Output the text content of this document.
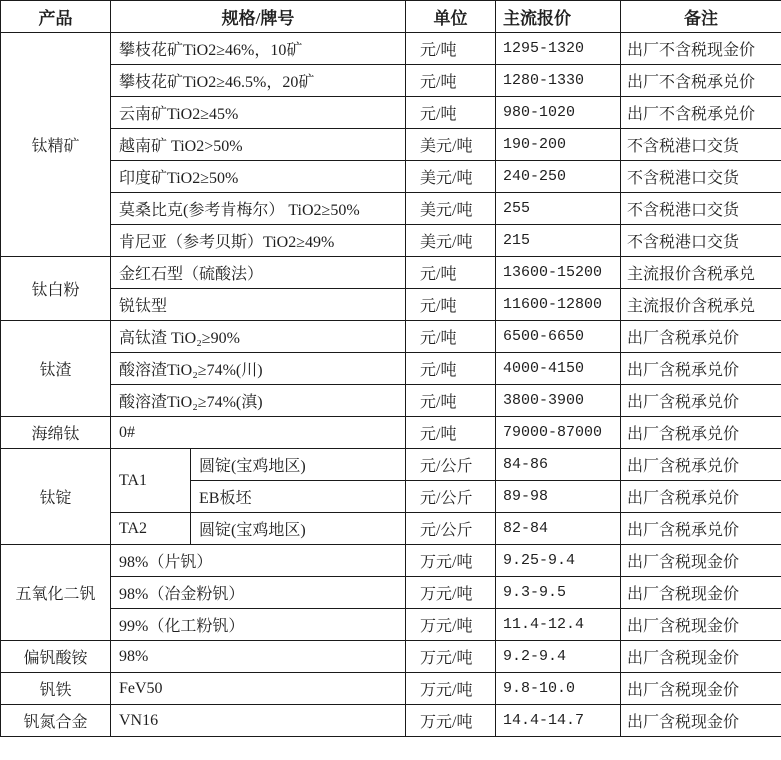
产品	规格/牌号		单位	主流报价	备注
钛精矿	攀枝花矿TiO2≥46%，10矿		元/吨	1295-1320	出厂不含税现金价
	攀枝花矿TiO2≥46.5%，20矿		元/吨	1280-1330	出厂不含税承兑价
	云南矿TiO2≥45%		元/吨	980-1020	出厂不含税承兑价
	越南矿 TiO2>50%		美元/吨	190-200	不含税港口交货
	印度矿TiO2≥50%		美元/吨	240-250	不含税港口交货
	莫桑比克(参考肯梅尔） TiO2≥50%		美元/吨	255	不含税港口交货
	肯尼亚（参考贝斯）TiO2≥49%		美元/吨	215	不含税港口交货
钛白粉	金红石型（硫酸法）		元/吨	13600-15200	主流报价含税承兑
	锐钛型		元/吨	11600-12800	主流报价含税承兑
钛渣	高钛渣 TiO₂≥90%		元/吨	6500-6650	出厂含税承兑价
	酸溶渣TiO₂≥74%(川)		元/吨	4000-4150	出厂含税承兑价
	酸溶渣TiO₂≥74%(滇)		元/吨	3800-3900	出厂含税承兑价
海绵钛	0#		元/吨	79000-87000	出厂含税承兑价
钛锭	TA1	圆锭(宝鸡地区)	元/公斤	84-86	出厂含税承兑价
		EB板坯	元/公斤	89-98	出厂含税承兑价
	TA2	圆锭(宝鸡地区)	元/公斤	82-84	出厂含税承兑价
五氧化二钒	98%（片钒）		万元/吨	9.25-9.4	出厂含税现金价
	98%（冶金粉钒）		万元/吨	9.3-9.5	出厂含税现金价
	99%（化工粉钒）		万元/吨	11.4-12.4	出厂含税现金价
偏钒酸铵	98%		万元/吨	9.2-9.4	出厂含税现金价
钒铁	FeV50		万元/吨	9.8-10.0	出厂含税现金价
钒氮合金	VN16		万元/吨	14.4-14.7	出厂含税现金价
